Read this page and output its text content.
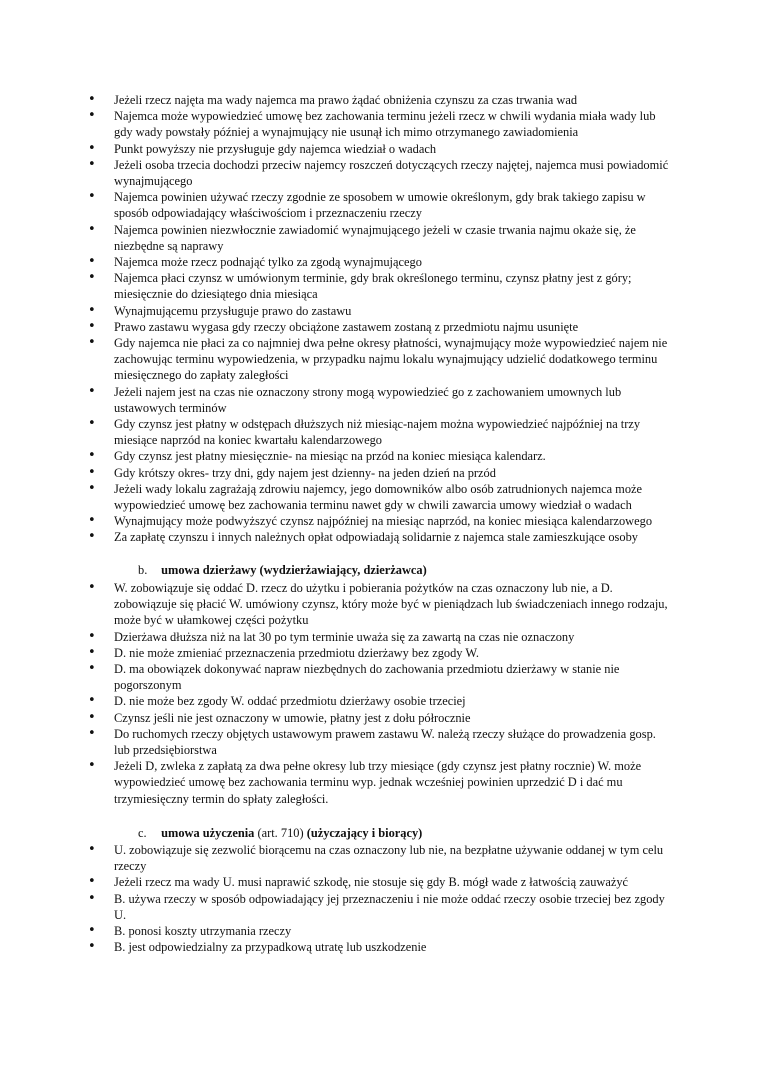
• Jeżeli rzecz najęta ma wady najemca ma prawo żądać obniżenia czynszu za czas trwania wad
• Najemca może wypowiedzieć umowę bez zachowania terminu jeżeli rzecz w chwili wydania miała wady lub gdy wady powstały później a wynajmujący nie usunął ich mimo otrzymanego zawiadomienia
• Punkt powyższy nie przysługuje gdy najemca wiedział o wadach
• Jeżeli osoba trzecia dochodzi przeciw najemcy roszczeń dotyczących rzeczy najętej, najemca musi powiadomić wynajmującego
• Najemca powinien używać rzeczy zgodnie ze sposobem w umowie określonym, gdy brak takiego zapisu w sposób odpowiadający właściwościom i przeznaczeniu rzeczy
• Najemca powinien niezwłocznie zawiadomić wynajmującego jeżeli w czasie trwania najmu okaże się, że niezbędne są naprawy
• Najemca może rzecz podnająć tylko za zgodą wynajmującego
• Najemca płaci czynsz w umówionym terminie, gdy brak określonego terminu, czynsz płatny jest z góry; miesięcznie do dziesiątego dnia miesiąca
• Wynajmującemu przysługuje prawo do zastawu
• Prawo zastawu wygasa gdy rzeczy obciążone zastawem zostaną z przedmiotu najmu usunięte
• Gdy najemca nie płaci za co najmniej dwa pełne okresy płatności, wynajmujący może wypowiedzieć najem nie zachowując terminu wypowiedzenia, w przypadku najmu lokalu wynajmujący udzielić dodatkowego terminu miesięcznego do zapłaty zaległości
• Jeżeli najem jest na czas nie oznaczony strony mogą wypowiedzieć go z zachowaniem umownych lub ustawowych terminów
• Gdy czynsz jest płatny w odstępach dłuższych niż miesiąc-najem można wypowiedzieć najpóźniej na trzy miesiące naprzód na koniec kwartału kalendarzowego
• Gdy czynsz jest płatny miesięcznie- na miesiąc na przód na koniec miesiąca kalendarz.
• Gdy krótszy okres- trzy dni, gdy najem jest dzienny- na jeden dzień na przód
• Jeżeli wady lokalu zagrażają zdrowiu najemcy, jego domowników albo osób zatrudnionych najemca może wypowiedzieć umowę bez zachowania terminu nawet gdy w chwili zawarcia umowy wiedział o wadach
• Wynajmujący może podwyższyć czynsz najpóźniej na miesiąc naprzód, na koniec miesiąca kalendarzowego
• Za zapłatę czynszu i innych należnych opłat odpowiadają solidarnie z najemca stale zamieszkujące osoby
b. umowa dzierżawy (wydzierżawiający, dzierżawca)
• W. zobowiązuje się oddać D. rzecz do użytku i pobierania pożytków na czas oznaczony lub nie, a D. zobowiązuje się płacić W. umówiony czynsz, który może być w pieniądzach lub świadczeniach innego rodzaju, może być w ułamkowej części pożytku
• Dzierżawa dłuższa niż na lat 30 po tym terminie uważa się za zawartą na czas nie oznaczony
• D. nie może zmieniać przeznaczenia przedmiotu dzierżawy bez zgody W.
• D. ma obowiązek dokonywać napraw niezbędnych do zachowania przedmiotu dzierżawy w stanie nie pogorszonym
• D. nie może bez zgody W. oddać przedmiotu dzierżawy osobie trzeciej
• Czynsz jeśli nie jest oznaczony w umowie, płatny jest z dołu półrocznie
• Do ruchomych rzeczy objętych ustawowym prawem zastawu W. należą rzeczy służące do prowadzenia gosp. lub przedsiębiorstwa
• Jeżeli D, zwleka z zapłatą za dwa pełne okresy lub trzy miesiące (gdy czynsz jest płatny rocznie) W. może wypowiedzieć umowę bez zachowania terminu wyp. jednak wcześniej powinien uprzedzić D i dać mu trzymiesięczny termin do spłaty zaległości.
c. umowa użyczenia (art. 710) (użyczający i biorący)
• U. zobowiązuje się zezwolić biorącemu na czas oznaczony lub nie, na bezpłatne używanie oddanej w tym celu rzeczy
• Jeżeli rzecz ma wady U. musi naprawić szkodę, nie stosuje się gdy B. mógł wade z łatwością zauważyć
• B. używa rzeczy w sposób odpowiadający jej przeznaczeniu i nie może oddać rzeczy osobie trzeciej bez zgody U.
• B. ponosi koszty utrzymania rzeczy
• B. jest odpowiedzialny za przypadkową utratę lub uszkodzenie
